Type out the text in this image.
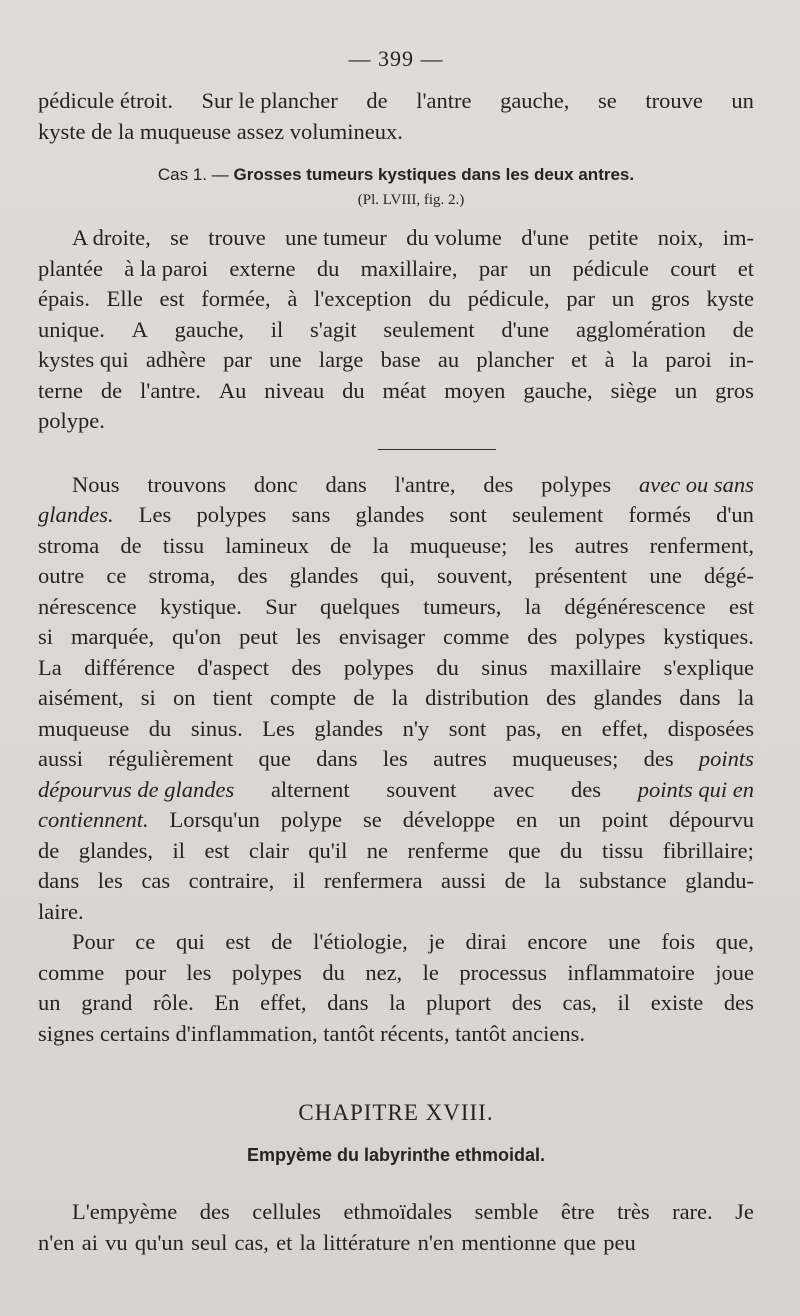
— 399 —
pédicule étroit. Sur le plancher de l'antre gauche, se trouve un
kyste de la muqueuse assez volumineux.
Cas 1. — Grosses tumeurs kystiques dans les deux antres.
(Pl. LVIII, fig. 2.)
A droite, se trouve une tumeur du volume d'une petite noix, im-
plantée à la paroi externe du maxillaire, par un pédicule court et
épais. Elle est formée, à l'exception du pédicule, par un gros kyste
unique. A gauche, il s'agit seulement d'une agglomération de
kystes qui adhère par une large base au plancher et à la paroi in-
terne de l'antre. Au niveau du méat moyen gauche, siège un gros
polype.
Nous trouvons donc dans l'antre, des polypes avec ou sans
glandes. Les polypes sans glandes sont seulement formés d'un
stroma de tissu lamineux de la muqueuse; les autres renferment,
outre ce stroma, des glandes qui, souvent, présentent une dégé-
nérescence kystique. Sur quelques tumeurs, la dégénérescence est
si marquée, qu'on peut les envisager comme des polypes kystiques.
La différence d'aspect des polypes du sinus maxillaire s'explique
aisément, si on tient compte de la distribution des glandes dans la
muqueuse du sinus. Les glandes n'y sont pas, en effet, disposées
aussi régulièrement que dans les autres muqueuses; des points
dépourvus de glandes alternent souvent avec des points qui en
contiennent. Lorsqu'un polype se développe en un point dépourvu
de glandes, il est clair qu'il ne renferme que du tissu fibrillaire;
dans les cas contraire, il renfermera aussi de la substance glandu-
laire.
Pour ce qui est de l'étiologie, je dirai encore une fois que,
comme pour les polypes du nez, le processus inflammatoire joue
un grand rôle. En effet, dans la pluport des cas, il existe des
signes certains d'inflammation, tantôt récents, tantôt anciens.
CHAPITRE XVIII.
Empyème du labyrinthe ethmoidal.
L'empyème des cellules ethmoïdales semble être très rare. Je
n'en ai vu qu'un seul cas, et la littérature n'en mentionne que peu
